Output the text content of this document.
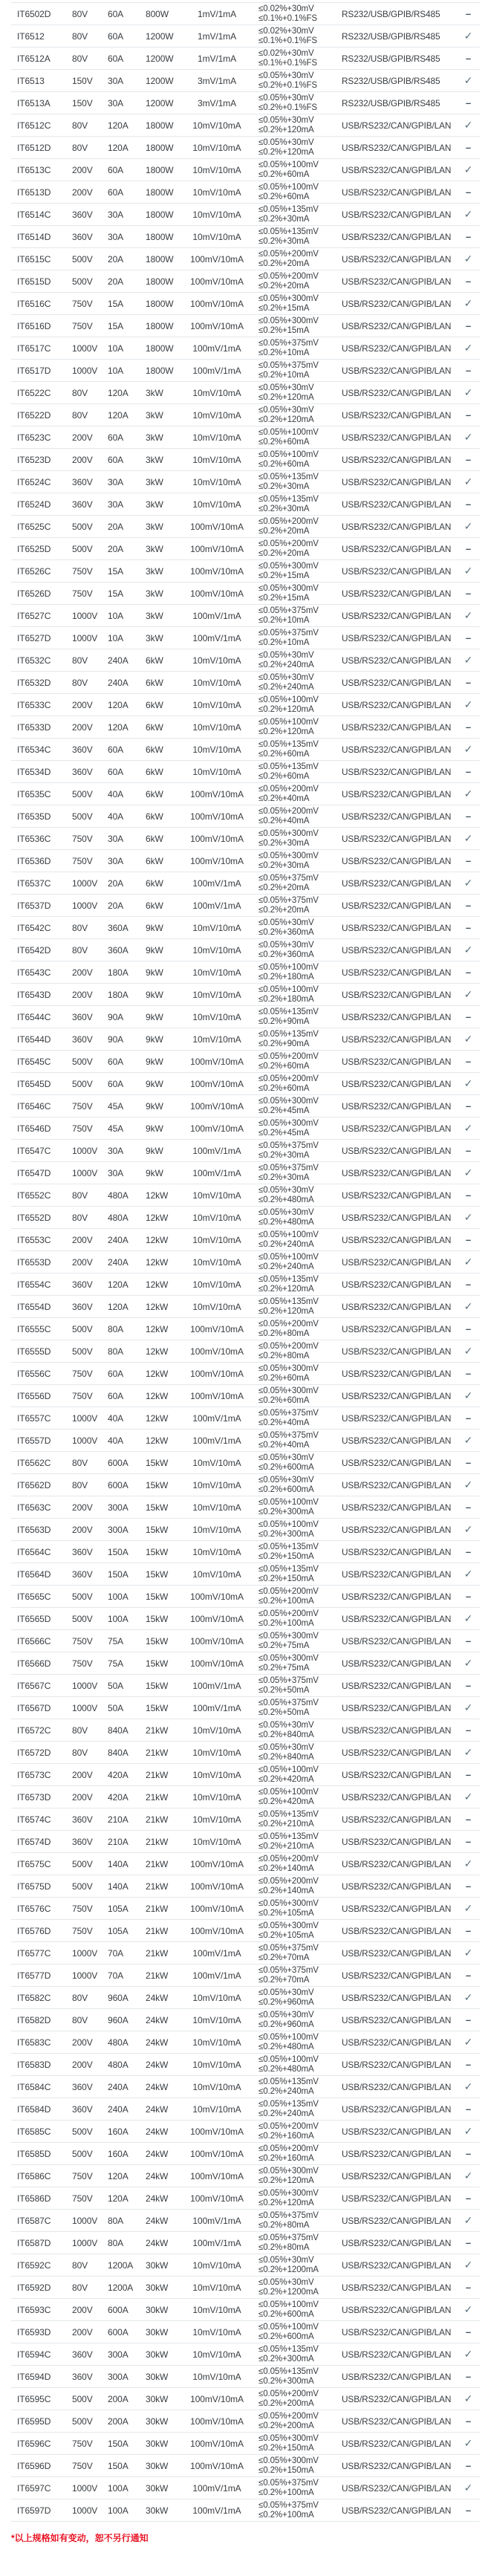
IT6502D	80V	60A	800W	1mV/1mA	≤0.02%+30mV
≤0.1%+0.1%FS	RS232/USB/GPIB/RS485	–
IT6512	80V	60A	1200W	1mV/1mA	≤0.02%+30mV
≤0.1%+0.1%FS	RS232/USB/GPIB/RS485	✓
IT6512A	80V	60A	1200W	1mV/1mA	≤0.02%+30mV
≤0.1%+0.1%FS	RS232/USB/GPIB/RS485	–
IT6513	150V	30A	1200W	3mV/1mA	≤0.05%+30mV
≤0.2%+0.1%FS	RS232/USB/GPIB/RS485	✓
IT6513A	150V	30A	1200W	3mV/1mA	≤0.05%+30mV
≤0.2%+0.1%FS	RS232/USB/GPIB/RS485	–
IT6512C	80V	120A	1800W	10mV/10mA	≤0.05%+30mV
≤0.2%+120mA	USB/RS232/CAN/GPIB/LAN	✓
IT6512D	80V	120A	1800W	10mV/10mA	≤0.05%+30mV
≤0.2%+120mA	USB/RS232/CAN/GPIB/LAN	–
IT6513C	200V	60A	1800W	10mV/10mA	≤0.05%+100mV
≤0.2%+60mA	USB/RS232/CAN/GPIB/LAN	✓
IT6513D	200V	60A	1800W	10mV/10mA	≤0.05%+100mV
≤0.2%+60mA	USB/RS232/CAN/GPIB/LAN	–
IT6514C	360V	30A	1800W	10mV/10mA	≤0.05%+135mV
≤0.2%+30mA	USB/RS232/CAN/GPIB/LAN	✓
IT6514D	360V	30A	1800W	10mV/10mA	≤0.05%+135mV
≤0.2%+30mA	USB/RS232/CAN/GPIB/LAN	–
IT6515C	500V	20A	1800W	100mV/10mA	≤0.05%+200mV
≤0.2%+20mA	USB/RS232/CAN/GPIB/LAN	✓
IT6515D	500V	20A	1800W	100mV/10mA	≤0.05%+200mV
≤0.2%+20mA	USB/RS232/CAN/GPIB/LAN	–
IT6516C	750V	15A	1800W	100mV/10mA	≤0.05%+300mV
≤0.2%+15mA	USB/RS232/CAN/GPIB/LAN	✓
IT6516D	750V	15A	1800W	100mV/10mA	≤0.05%+300mV
≤0.2%+15mA	USB/RS232/CAN/GPIB/LAN	–
IT6517C	1000V	10A	1800W	100mV/1mA	≤0.05%+375mV
≤0.2%+10mA	USB/RS232/CAN/GPIB/LAN	✓
IT6517D	1000V	10A	1800W	100mV/1mA	≤0.05%+375mV
≤0.2%+10mA	USB/RS232/CAN/GPIB/LAN	–
IT6522C	80V	120A	3kW	10mV/10mA	≤0.05%+30mV
≤0.2%+120mA	USB/RS232/CAN/GPIB/LAN	✓
IT6522D	80V	120A	3kW	10mV/10mA	≤0.05%+30mV
≤0.2%+120mA	USB/RS232/CAN/GPIB/LAN	–
IT6523C	200V	60A	3kW	10mV/10mA	≤0.05%+100mV
≤0.2%+60mA	USB/RS232/CAN/GPIB/LAN	✓
IT6523D	200V	60A	3kW	10mV/10mA	≤0.05%+100mV
≤0.2%+60mA	USB/RS232/CAN/GPIB/LAN	–
IT6524C	360V	30A	3kW	10mV/10mA	≤0.05%+135mV
≤0.2%+30mA	USB/RS232/CAN/GPIB/LAN	✓
IT6524D	360V	30A	3kW	10mV/10mA	≤0.05%+135mV
≤0.2%+30mA	USB/RS232/CAN/GPIB/LAN	–
IT6525C	500V	20A	3kW	100mV/10mA	≤0.05%+200mV
≤0.2%+20mA	USB/RS232/CAN/GPIB/LAN	✓
IT6525D	500V	20A	3kW	100mV/10mA	≤0.05%+200mV
≤0.2%+20mA	USB/RS232/CAN/GPIB/LAN	–
IT6526C	750V	15A	3kW	100mV/10mA	≤0.05%+300mV
≤0.2%+15mA	USB/RS232/CAN/GPIB/LAN	✓
IT6526D	750V	15A	3kW	100mV/10mA	≤0.05%+300mV
≤0.2%+15mA	USB/RS232/CAN/GPIB/LAN	–
IT6527C	1000V	10A	3kW	100mV/1mA	≤0.05%+375mV
≤0.2%+10mA	USB/RS232/CAN/GPIB/LAN	✓
IT6527D	1000V	10A	3kW	100mV/1mA	≤0.05%+375mV
≤0.2%+10mA	USB/RS232/CAN/GPIB/LAN	–
IT6532C	80V	240A	6kW	10mV/10mA	≤0.05%+30mV
≤0.2%+240mA	USB/RS232/CAN/GPIB/LAN	✓
IT6532D	80V	240A	6kW	10mV/10mA	≤0.05%+30mV
≤0.2%+240mA	USB/RS232/CAN/GPIB/LAN	–
IT6533C	200V	120A	6kW	10mV/10mA	≤0.05%+100mV
≤0.2%+120mA	USB/RS232/CAN/GPIB/LAN	✓
IT6533D	200V	120A	6kW	10mV/10mA	≤0.05%+100mV
≤0.2%+120mA	USB/RS232/CAN/GPIB/LAN	–
IT6534C	360V	60A	6kW	10mV/10mA	≤0.05%+135mV
≤0.2%+60mA	USB/RS232/CAN/GPIB/LAN	✓
IT6534D	360V	60A	6kW	10mV/10mA	≤0.05%+135mV
≤0.2%+60mA	USB/RS232/CAN/GPIB/LAN	–
IT6535C	500V	40A	6kW	100mV/10mA	≤0.05%+200mV
≤0.2%+40mA	USB/RS232/CAN/GPIB/LAN	✓
IT6535D	500V	40A	6kW	100mV/10mA	≤0.05%+200mV
≤0.2%+40mA	USB/RS232/CAN/GPIB/LAN	–
IT6536C	750V	30A	6kW	100mV/10mA	≤0.05%+300mV
≤0.2%+30mA	USB/RS232/CAN/GPIB/LAN	✓
IT6536D	750V	30A	6kW	100mV/10mA	≤0.05%+300mV
≤0.2%+30mA	USB/RS232/CAN/GPIB/LAN	–
IT6537C	1000V	20A	6kW	100mV/1mA	≤0.05%+375mV
≤0.2%+20mA	USB/RS232/CAN/GPIB/LAN	✓
IT6537D	1000V	20A	6kW	100mV/1mA	≤0.05%+375mV
≤0.2%+20mA	USB/RS232/CAN/GPIB/LAN	–
IT6542C	80V	360A	9kW	10mV/10mA	≤0.05%+30mV
≤0.2%+360mA	USB/RS232/CAN/GPIB/LAN	–
IT6542D	80V	360A	9kW	10mV/10mA	≤0.05%+30mV
≤0.2%+360mA	USB/RS232/CAN/GPIB/LAN	✓
IT6543C	200V	180A	9kW	10mV/10mA	≤0.05%+100mV
≤0.2%+180mA	USB/RS232/CAN/GPIB/LAN	–
IT6543D	200V	180A	9kW	10mV/10mA	≤0.05%+100mV
≤0.2%+180mA	USB/RS232/CAN/GPIB/LAN	✓
IT6544C	360V	90A	9kW	10mV/10mA	≤0.05%+135mV
≤0.2%+90mA	USB/RS232/CAN/GPIB/LAN	–
IT6544D	360V	90A	9kW	10mV/10mA	≤0.05%+135mV
≤0.2%+90mA	USB/RS232/CAN/GPIB/LAN	✓
IT6545C	500V	60A	9kW	100mV/10mA	≤0.05%+200mV
≤0.2%+60mA	USB/RS232/CAN/GPIB/LAN	–
IT6545D	500V	60A	9kW	100mV/10mA	≤0.05%+200mV
≤0.2%+60mA	USB/RS232/CAN/GPIB/LAN	✓
IT6546C	750V	45A	9kW	100mV/10mA	≤0.05%+300mV
≤0.2%+45mA	USB/RS232/CAN/GPIB/LAN	–
IT6546D	750V	45A	9kW	100mV/10mA	≤0.05%+300mV
≤0.2%+45mA	USB/RS232/CAN/GPIB/LAN	✓
IT6547C	1000V	30A	9kW	100mV/1mA	≤0.05%+375mV
≤0.2%+30mA	USB/RS232/CAN/GPIB/LAN	–
IT6547D	1000V	30A	9kW	100mV/1mA	≤0.05%+375mV
≤0.2%+30mA	USB/RS232/CAN/GPIB/LAN	✓
IT6552C	80V	480A	12kW	10mV/10mA	≤0.05%+30mV
≤0.2%+480mA	USB/RS232/CAN/GPIB/LAN	–
IT6552D	80V	480A	12kW	10mV/10mA	≤0.05%+30mV
≤0.2%+480mA	USB/RS232/CAN/GPIB/LAN	✓
IT6553C	200V	240A	12kW	10mV/10mA	≤0.05%+100mV
≤0.2%+240mA	USB/RS232/CAN/GPIB/LAN	–
IT6553D	200V	240A	12kW	10mV/10mA	≤0.05%+100mV
≤0.2%+240mA	USB/RS232/CAN/GPIB/LAN	✓
IT6554C	360V	120A	12kW	10mV/10mA	≤0.05%+135mV
≤0.2%+120mA	USB/RS232/CAN/GPIB/LAN	–
IT6554D	360V	120A	12kW	10mV/10mA	≤0.05%+135mV
≤0.2%+120mA	USB/RS232/CAN/GPIB/LAN	✓
IT6555C	500V	80A	12kW	100mV/10mA	≤0.05%+200mV
≤0.2%+80mA	USB/RS232/CAN/GPIB/LAN	–
IT6555D	500V	80A	12kW	100mV/10mA	≤0.05%+200mV
≤0.2%+80mA	USB/RS232/CAN/GPIB/LAN	✓
IT6556C	750V	60A	12kW	100mV/10mA	≤0.05%+300mV
≤0.2%+60mA	USB/RS232/CAN/GPIB/LAN	–
IT6556D	750V	60A	12kW	100mV/10mA	≤0.05%+300mV
≤0.2%+60mA	USB/RS232/CAN/GPIB/LAN	✓
IT6557C	1000V	40A	12kW	100mV/1mA	≤0.05%+375mV
≤0.2%+40mA	USB/RS232/CAN/GPIB/LAN	–
IT6557D	1000V	40A	12kW	100mV/1mA	≤0.05%+375mV
≤0.2%+40mA	USB/RS232/CAN/GPIB/LAN	✓
IT6562C	80V	600A	15kW	10mV/10mA	≤0.05%+30mV
≤0.2%+600mA	USB/RS232/CAN/GPIB/LAN	–
IT6562D	80V	600A	15kW	10mV/10mA	≤0.05%+30mV
≤0.2%+600mA	USB/RS232/CAN/GPIB/LAN	✓
IT6563C	200V	300A	15kW	10mV/10mA	≤0.05%+100mV
≤0.2%+300mA	USB/RS232/CAN/GPIB/LAN	–
IT6563D	200V	300A	15kW	10mV/10mA	≤0.05%+100mV
≤0.2%+300mA	USB/RS232/CAN/GPIB/LAN	✓
IT6564C	360V	150A	15kW	10mV/10mA	≤0.05%+135mV
≤0.2%+150mA	USB/RS232/CAN/GPIB/LAN	–
IT6564D	360V	150A	15kW	10mV/10mA	≤0.05%+135mV
≤0.2%+150mA	USB/RS232/CAN/GPIB/LAN	✓
IT6565C	500V	100A	15kW	100mV/10mA	≤0.05%+200mV
≤0.2%+100mA	USB/RS232/CAN/GPIB/LAN	–
IT6565D	500V	100A	15kW	100mV/10mA	≤0.05%+200mV
≤0.2%+100mA	USB/RS232/CAN/GPIB/LAN	✓
IT6566C	750V	75A	15kW	100mV/10mA	≤0.05%+300mV
≤0.2%+75mA	USB/RS232/CAN/GPIB/LAN	–
IT6566D	750V	75A	15kW	100mV/10mA	≤0.05%+300mV
≤0.2%+75mA	USB/RS232/CAN/GPIB/LAN	✓
IT6567C	1000V	50A	15kW	100mV/1mA	≤0.05%+375mV
≤0.2%+50mA	USB/RS232/CAN/GPIB/LAN	–
IT6567D	1000V	50A	15kW	100mV/1mA	≤0.05%+375mV
≤0.2%+50mA	USB/RS232/CAN/GPIB/LAN	✓
IT6572C	80V	840A	21kW	10mV/10mA	≤0.05%+30mV
≤0.2%+840mA	USB/RS232/CAN/GPIB/LAN	–
IT6572D	80V	840A	21kW	10mV/10mA	≤0.05%+30mV
≤0.2%+840mA	USB/RS232/CAN/GPIB/LAN	✓
IT6573C	200V	420A	21kW	10mV/10mA	≤0.05%+100mV
≤0.2%+420mA	USB/RS232/CAN/GPIB/LAN	–
IT6573D	200V	420A	21kW	10mV/10mA	≤0.05%+100mV
≤0.2%+420mA	USB/RS232/CAN/GPIB/LAN	✓
IT6574C	360V	210A	21kW	10mV/10mA	≤0.05%+135mV
≤0.2%+210mA	USB/RS232/CAN/GPIB/LAN	–
IT6574D	360V	210A	21kW	10mV/10mA	≤0.05%+135mV
≤0.2%+210mA	USB/RS232/CAN/GPIB/LAN	–
IT6575C	500V	140A	21kW	100mV/10mA	≤0.05%+200mV
≤0.2%+140mA	USB/RS232/CAN/GPIB/LAN	✓
IT6575D	500V	140A	21kW	100mV/10mA	≤0.05%+200mV
≤0.2%+140mA	USB/RS232/CAN/GPIB/LAN	–
IT6576C	750V	105A	21kW	100mV/10mA	≤0.05%+300mV
≤0.2%+105mA	USB/RS232/CAN/GPIB/LAN	✓
IT6576D	750V	105A	21kW	100mV/10mA	≤0.05%+300mV
≤0.2%+105mA	USB/RS232/CAN/GPIB/LAN	–
IT6577C	1000V	70A	21kW	100mV/1mA	≤0.05%+375mV
≤0.2%+70mA	USB/RS232/CAN/GPIB/LAN	✓
IT6577D	1000V	70A	21kW	100mV/1mA	≤0.05%+375mV
≤0.2%+70mA	USB/RS232/CAN/GPIB/LAN	–
IT6582C	80V	960A	24kW	10mV/10mA	≤0.05%+30mV
≤0.2%+960mA	USB/RS232/CAN/GPIB/LAN	✓
IT6582D	80V	960A	24kW	10mV/10mA	≤0.05%+30mV
≤0.2%+960mA	USB/RS232/CAN/GPIB/LAN	–
IT6583C	200V	480A	24kW	10mV/10mA	≤0.05%+100mV
≤0.2%+480mA	USB/RS232/CAN/GPIB/LAN	✓
IT6583D	200V	480A	24kW	10mV/10mA	≤0.05%+100mV
≤0.2%+480mA	USB/RS232/CAN/GPIB/LAN	–
IT6584C	360V	240A	24kW	10mV/10mA	≤0.05%+135mV
≤0.2%+240mA	USB/RS232/CAN/GPIB/LAN	✓
IT6584D	360V	240A	24kW	10mV/10mA	≤0.05%+135mV
≤0.2%+240mA	USB/RS232/CAN/GPIB/LAN	–
IT6585C	500V	160A	24kW	100mV/10mA	≤0.05%+200mV
≤0.2%+160mA	USB/RS232/CAN/GPIB/LAN	✓
IT6585D	500V	160A	24kW	100mV/10mA	≤0.05%+200mV
≤0.2%+160mA	USB/RS232/CAN/GPIB/LAN	–
IT6586C	750V	120A	24kW	100mV/10mA	≤0.05%+300mV
≤0.2%+120mA	USB/RS232/CAN/GPIB/LAN	✓
IT6586D	750V	120A	24kW	100mV/10mA	≤0.05%+300mV
≤0.2%+120mA	USB/RS232/CAN/GPIB/LAN	–
IT6587C	1000V	80A	24kW	100mV/1mA	≤0.05%+375mV
≤0.2%+80mA	USB/RS232/CAN/GPIB/LAN	✓
IT6587D	1000V	80A	24kW	100mV/1mA	≤0.05%+375mV
≤0.2%+80mA	USB/RS232/CAN/GPIB/LAN	–
IT6592C	80V	1200A	30kW	10mV/10mA	≤0.05%+30mV
≤0.2%+1200mA	USB/RS232/CAN/GPIB/LAN	✓
IT6592D	80V	1200A	30kW	10mV/10mA	≤0.05%+30mV
≤0.2%+1200mA	USB/RS232/CAN/GPIB/LAN	–
IT6593C	200V	600A	30kW	10mV/10mA	≤0.05%+100mV
≤0.2%+600mA	USB/RS232/CAN/GPIB/LAN	✓
IT6593D	200V	600A	30kW	10mV/10mA	≤0.05%+100mV
≤0.2%+600mA	USB/RS232/CAN/GPIB/LAN	–
IT6594C	360V	300A	30kW	10mV/10mA	≤0.05%+135mV
≤0.2%+300mA	USB/RS232/CAN/GPIB/LAN	✓
IT6594D	360V	300A	30kW	10mV/10mA	≤0.05%+135mV
≤0.2%+300mA	USB/RS232/CAN/GPIB/LAN	–
IT6595C	500V	200A	30kW	100mV/10mA	≤0.05%+200mV
≤0.2%+200mA	USB/RS232/CAN/GPIB/LAN	✓
IT6595D	500V	200A	30kW	100mV/10mA	≤0.05%+200mV
≤0.2%+200mA	USB/RS232/CAN/GPIB/LAN	–
IT6596C	750V	150A	30kW	100mV/10mA	≤0.05%+300mV
≤0.2%+150mA	USB/RS232/CAN/GPIB/LAN	✓
IT6596D	750V	150A	30kW	100mV/10mA	≤0.05%+300mV
≤0.2%+150mA	USB/RS232/CAN/GPIB/LAN	–
IT6597C	1000V	100A	30kW	100mV/1mA	≤0.05%+375mV
≤0.2%+100mA	USB/RS232/CAN/GPIB/LAN	✓
IT6597D	1000V	100A	30kW	100mV/1mA	≤0.05%+375mV
≤0.2%+100mA	USB/RS232/CAN/GPIB/LAN	–
*以上规格如有变动，恕不另行通知
